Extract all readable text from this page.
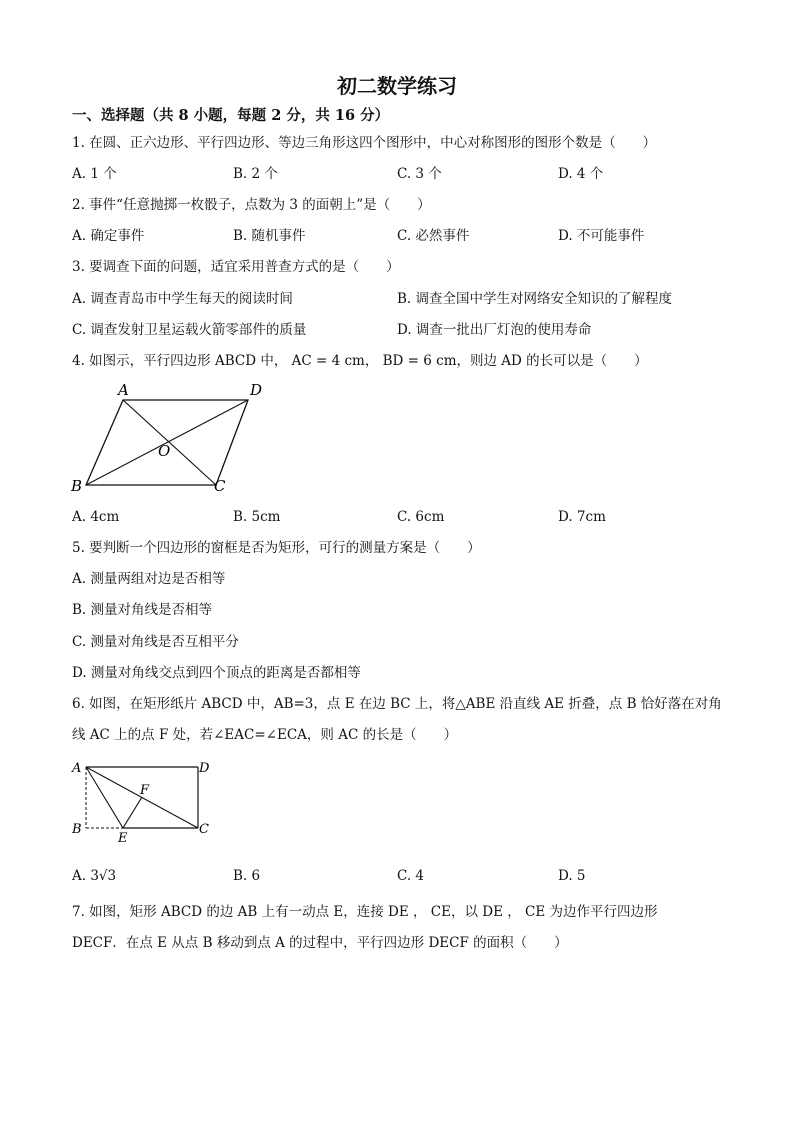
初二数学练习
一、选择题（共 8 小题，每题 2 分，共 16 分）
1. 在圆、正六边形、平行四边形、等边三角形这四个图形中，中心对称图形的图形个数是（　　）
A. 1 个	B. 2 个	C. 3 个	D. 4 个
2. 事件“任意抛掷一枚骰子，点数为 3 的面朝上”是（　　）
A. 确定事件	B. 随机事件	C. 必然事件	D. 不可能事件
3. 要调查下面的问题，适宜采用普查方式的是（　　）
A. 调查青岛市中学生每天的阅读时间	B. 调查全国中学生对网络安全知识的了解程度
C. 调查发射卫星运载火箭零部件的质量	D. 调查一批出厂灯泡的使用寿命
4. 如图示，平行四边形 ABCD 中， AC = 4 cm， BD = 6 cm，则边 AD 的长可以是（　　）
A	D
O
B	C
A. 4cm	B. 5cm	C. 6cm	D. 7cm
5. 要判断一个四边形的窗框是否为矩形，可行的测量方案是（　　）
A. 测量两组对边是否相等
B. 测量对角线是否相等
C. 测量对角线是否互相平分
D. 测量对角线交点到四个顶点的距离是否都相等
6. 如图，在矩形纸片 ABCD 中，AB=3，点 E 在边 BC 上，将△ABE 沿直线 AE 折叠，点 B 恰好落在对角
线 AC 上的点 F 处，若∠EAC=∠ECA，则 AC 的长是（　　）
A	D
F
B
E
C
A. 3√3	B. 6	C. 4	D. 5
7. 如图，矩形 ABCD 的边 AB 上有一动点 E，连接 DE ， CE，以 DE ， CE 为边作平行四边形
DECF．在点 E 从点 B 移动到点 A 的过程中，平行四边形 DECF 的面积（　　）
